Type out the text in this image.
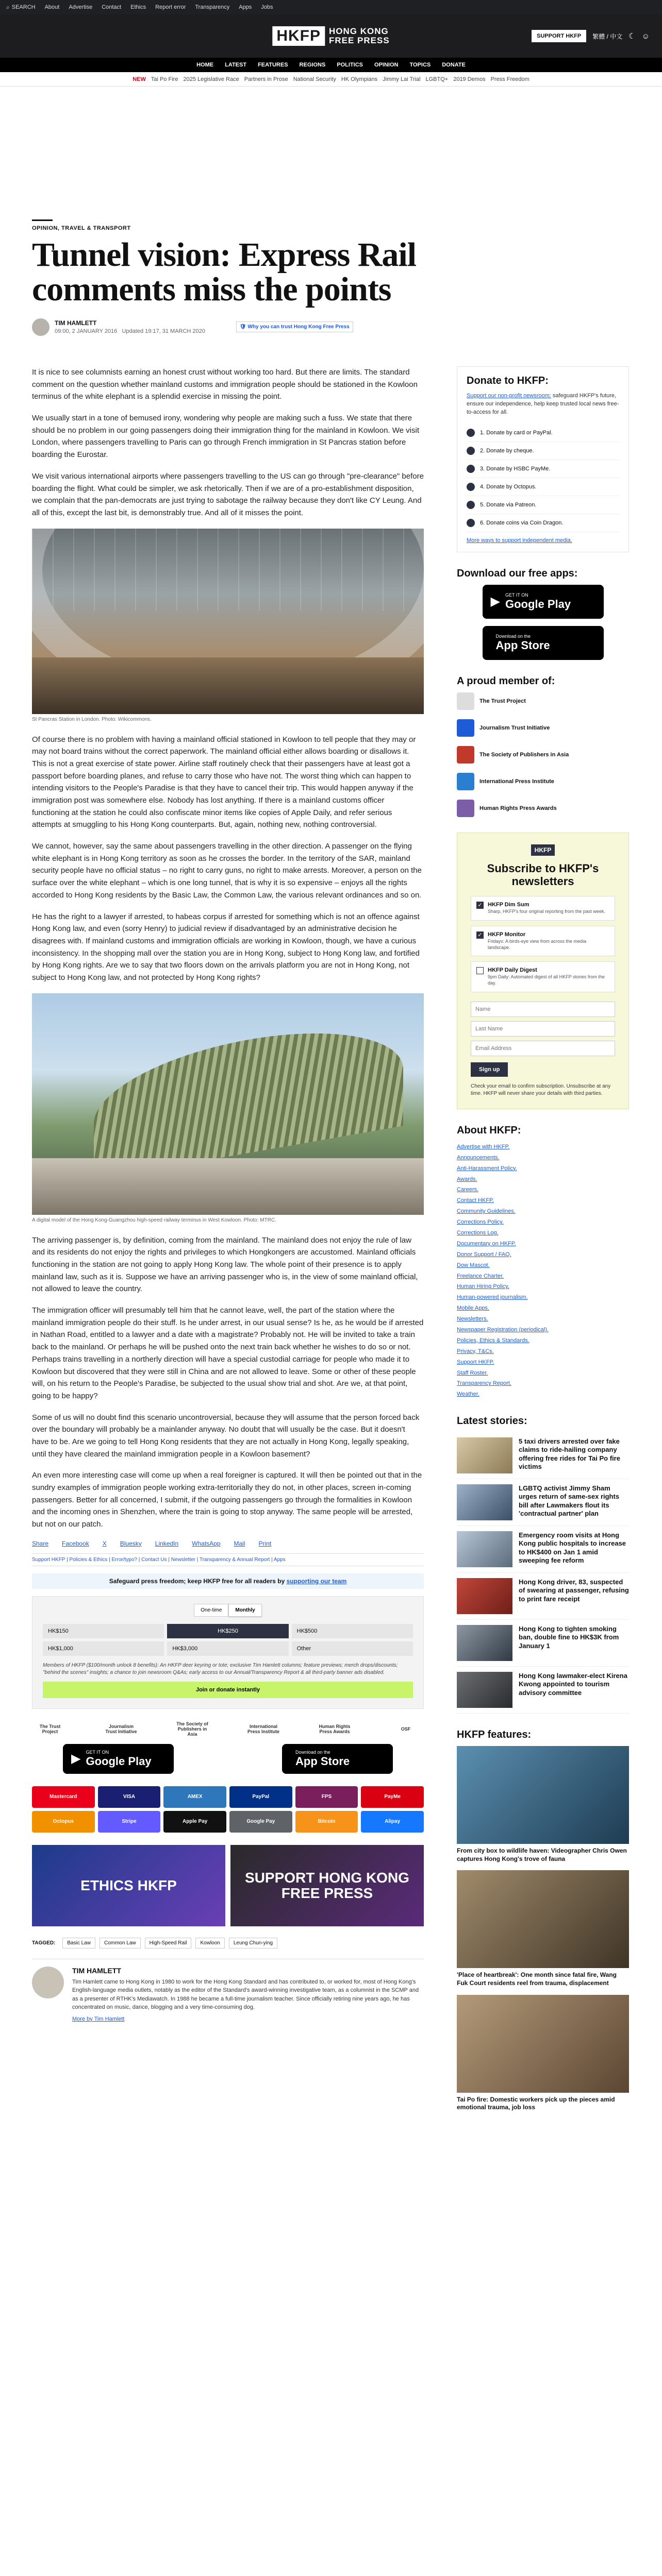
⌕ SEARCH About Advertise Contact Ethics Report error Transparency Apps Jobs
HKFP HONG KONG
FREE PRESS	SUPPORT HKFP	繁體 / 中文 ☾ ☺
HOME LATEST FEATURES REGIONS POLITICS OPINION TOPICS DONATE
NEW Tai Po Fire 2025 Legislative Race Partners in Prose National Security HK Olympians Jimmy Lai Trial LGBTQ+ 2019 Demos Press Freedom
OPINION, TRAVEL & TRANSPORT
Tunnel vision: Express Rail comments miss the points
TIM HAMLETT
09:00, 2 JANUARY 2016 Updated 19:17, 31 MARCH 2020
🛡 Why you can trust Hong Kong Free Press

It is nice to see columnists earning an honest crust without working too hard. But there are limits. The standard comment on the question whether mainland customs and immigration people should be stationed in the Kowloon terminus of the white elephant is a splendid exercise in missing the point.

We usually start in a tone of bemused irony, wondering why people are making such a fuss. We state that there should be no problem in our going passengers doing their immigration thing for the mainland in Kowloon. We visit London, where passengers travelling to Paris can go through French immigration in St Pancras station before boarding the Eurostar.

We visit various international airports where passengers travelling to the US can go through "pre-clearance" before boarding the flight. What could be simpler, we ask rhetorically. Then if we are of a pro-establishment disposition, we complain that the pan-democrats are just trying to sabotage the railway because they don't like CY Leung. And all of this, except the last bit, is demonstrably true. And all of it misses the point.

St Pancras Station in London. Photo: Wikicommons.

Of course there is no problem with having a mainland official stationed in Kowloon to tell people that they may or may not board trains without the correct paperwork. The mainland official either allows boarding or disallows it. This is not a great exercise of state power. Airline staff routinely check that their passengers have at least got a passport before boarding planes, and refuse to carry those who have not. The worst thing which can happen to intending visitors to the People's Paradise is that they have to cancel their trip. This would happen anyway if the immigration post was somewhere else. Nobody has lost anything. If there is a mainland customs officer functioning at the station he could also confiscate minor items like copies of Apple Daily, and refer serious attempts at smuggling to his Hong Kong counterparts. But, again, nothing new, nothing controversial.

We cannot, however, say the same about passengers travelling in the other direction. A passenger on the flying white elephant is in Hong Kong territory as soon as he crosses the border. In the territory of the SAR, mainland security people have no official status – no right to carry guns, no right to make arrests. Moreover, a person on the surface over the white elephant – which is one long tunnel, that is why it is so expensive – enjoys all the rights accorded to Hong Kong residents by the Basic Law, the Common Law, the various relevant ordinances and so on.

He has the right to a lawyer if arrested, to habeas corpus if arrested for something which is not an offence against Hong Kong law, and even (sorry Henry) to judicial review if disadvantaged by an administrative decision he disagrees with. If mainland customs and immigration officials are working in Kowloon, though, we have a curious inconsistency. In the shopping mall over the station you are in Hong Kong, subject to Hong Kong law, and fortified by Hong Kong rights. Are we to say that two floors down on the arrivals platform you are not in Hong Kong, not subject to Hong Kong law, and not protected by Hong Kong rights?

A digital model of the Hong Kong-Guangzhou high-speed railway terminus in West Kowloon. Photo: MTRC.

The arriving passenger is, by definition, coming from the mainland. The mainland does not enjoy the rule of law and its residents do not enjoy the rights and privileges to which Hongkongers are accustomed. Mainland officials functioning in the station are not going to apply Hong Kong law. The whole point of their presence is to apply mainland law, such as it is. Suppose we have an arriving passenger who is, in the view of some mainland official, not allowed to leave the country.

The immigration officer will presumably tell him that he cannot leave, well, the part of the station where the mainland immigration people do their stuff. Is he under arrest, in our usual sense? Is he, as he would be if arrested in Nathan Road, entitled to a lawyer and a date with a magistrate? Probably not. He will be invited to take a train back to the mainland. Or perhaps he will be pushed onto the next train back whether he wishes to do so or not. Perhaps trains travelling in a northerly direction will have a special custodial carriage for people who made it to Kowloon but discovered that they were still in China and are not allowed to leave. Some or other of these people will, on his return to the People's Paradise, be subjected to the usual show trial and shot. Are we, at that point, going to be happy?

Some of us will no doubt find this scenario uncontroversial, because they will assume that the person forced back over the boundary will probably be a mainlander anyway. No doubt that will usually be the case. But it doesn't have to be. Are we going to tell Hong Kong residents that they are not actually in Hong Kong, legally speaking, until they have cleared the mainland immigration people in a Kowloon basement?

An even more interesting case will come up when a real foreigner is captured. It will then be pointed out that in the sundry examples of immigration people working extra-territorially they do not, in other places, screen in-coming passengers. Better for all concerned, I submit, if the outgoing passengers go through the formalities in Kowloon and the incoming ones in Shenzhen, where the train is going to stop anyway. The same people will be arrested, but not on our patch.

Share Facebook X Bluesky LinkedIn WhatsApp Mail Print
Support HKFP | Policies & Ethics | Error/typo? | Contact Us | Newsletter | Transparency & Annual Report | Apps
Safeguard press freedom; keep HKFP free for all readers by supporting our team
One-time	Monthly
HK$150	HK$250	HK$500
HK$1,000	HK$3,000	Other
Members of HKFP ($100/month unlock 8 benefits): An HKFP deer keyring or tote; exclusive Tim Hamlett columns; feature previews; merch drops/discounts; "behind the scenes" insights; a chance to join newsroom Q&As; early access to our Annual/Transparency Report & all third-party banner ads disabled.
Join or donate instantly
The Trust Project
Journalism Trust Initiative
The Society of Publishers in Asia
International Press Institute
Human Rights Press Awards	OSF
▶ GET IT ON
Google Play
Download on the
App Store
Mastercard	VISA	AMEX	PayPal	FPS	PayMe
Octopus	Stripe	Apple Pay	Google Pay	Bitcoin	Alipay
ETHICS HKFP	SUPPORT HONG KONG FREE PRESS
TAGGED:	Basic Law	Common Law	High-Speed Rail	Kowloon	Leung Chun-ying
TIM HAMLETT
Tim Hamlett came to Hong Kong in 1980 to work for the Hong Kong Standard and has contributed to, or worked for, most of Hong Kong's English-language media outlets, notably as the editor of the Standard's award-winning investigative team, as a columnist in the SCMP and as a presenter of RTHK's Mediawatch. In 1988 he became a full-time journalism teacher. Since officially retiring nine years ago, he has concentrated on music, dance, blogging and a very time-consuming dog.
More by Tim Hamlett
Donate to HKFP:
Support our non-profit newsroom: safeguard HKFP's future, ensure our independence, help keep trusted local news free-to-access for all.
1. Donate by card or PayPal.
2. Donate by cheque.
3. Donate by HSBC PayMe.
4. Donate by Octopus.
5. Donate via Patreon.
6. Donate coins via Coin Dragon.
More ways to support independent media.
Download our free apps:
▶ GET IT ON
Google Play
Download on the
App Store
A proud member of:
The Trust Project
Journalism Trust Initiative
The Society of Publishers in Asia
International Press Institute
Human Rights Press Awards
HKFP
Subscribe to HKFP's newsletters
✓ HKFP Dim Sum
Sharp, HKFP's four original reporting from the past week.
✓ HKFP Monitor
Fridays: A birds-eye view from across the media landscape.
HKFP Daily Digest
9pm Daily: Automated digest of all HKFP stories from the day.
Name Last Name Email Address Sign up
Check your email to confirm subscription. Unsubscribe at any time. HKFP will never share your details with third parties.
About HKFP:
Advertise with HKFP.
Announcements.
Anti-Harassment Policy.
Awards.
Careers.
Contact HKFP.
Community Guidelines.
Corrections Policy.
Corrections Log.
Documentary on HKFP.
Donor Support / FAQ.
Dow Mascot.
Freelance Charter.
Human Hiring Policy.
Human-powered journalism.
Mobile Apps.
Newsletters.
Newspaper Registration (periodical).
Policies, Ethics & Standards.
Privacy, T&Cs.
Support HKFP.
Staff Roster.
Transparency Report.
Weather.
Latest stories:
5 taxi drivers arrested over fake claims to ride-hailing company offering free rides for Tai Po fire victims
LGBTQ activist Jimmy Sham urges return of same-sex rights bill after Lawmakers flout its 'contractual partner' plan
Emergency room visits at Hong Kong public hospitals to increase to HK$400 on Jan 1 amid sweeping fee reform
Hong Kong driver, 83, suspected of swearing at passenger, refusing to print fare receipt
Hong Kong to tighten smoking ban, double fine to HK$3K from January 1
Hong Kong lawmaker-elect Kirena Kwong appointed to tourism advisory committee
HKFP features:
From city box to wildlife haven: Videographer Chris Owen captures Hong Kong's trove of fauna
'Place of heartbreak': One month since fatal fire, Wang Fuk Court residents reel from trauma, displacement
Tai Po fire: Domestic workers pick up the pieces amid emotional trauma, job loss
